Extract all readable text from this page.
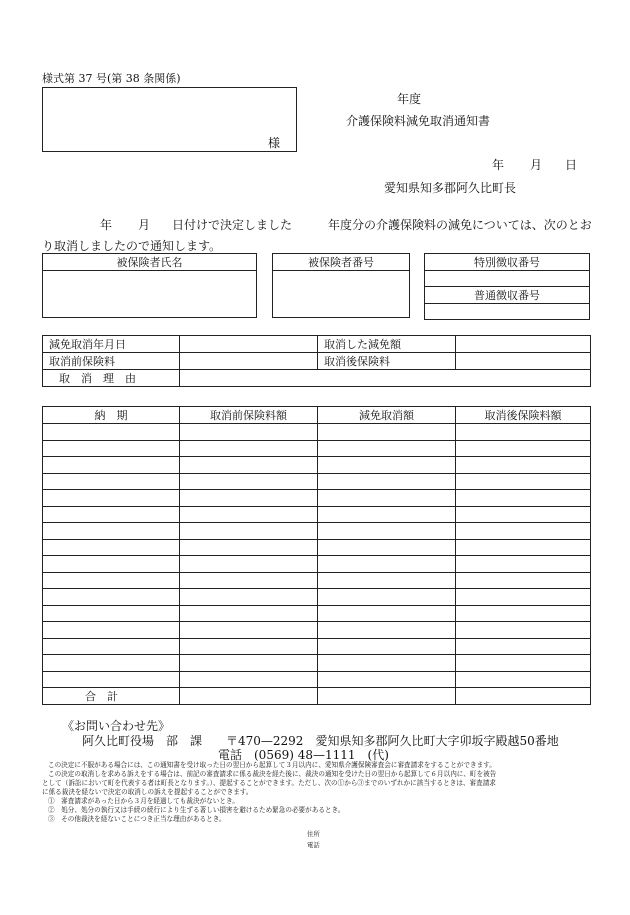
様式第 37 号(第 38 条関係)
様
年度
介護保険料減免取消通知書
年 月 日
愛知県知多郡阿久比町長
年 月 日付けで決定しました　　　年度分の介護保険料の減免については、次のとお
り取消しましたので通知します。
被保険者氏名	被保険者番号	特別徴収番号

普通徴収番号

減免取消年月日		取消した減免額	
取消前保険料		取消後保険料	
取　消　理　由			
納　期	取消前保険料額	減免取消額	取消後保険料額

合　計			
《お問い合わせ先》
阿久比町役場　部　課　　〒470—2292　愛知県知多郡阿久比町大字卯坂字殿越50番地
電話　(0569) 48—1111　(代)
この決定に不服がある場合には、この通知書を受け取った日の翌日から起算して３月以内に、愛知県介護保険審査会に審査請求をすることができます。
この決定の取消しを求める訴えをする場合は、前記の審査請求に係る裁決を経た後に、裁決の通知を受けた日の翌日から起算して６月以内に、町を被告
として（訴訟において町を代表する者は町長となります。）、提起することができます。ただし、次の①から③までのいずれかに該当するときは、審査請求
に係る裁決を経ないで決定の取消しの訴えを提起することができます。
①　審査請求があった日から３月を経過しても裁決がないとき。
②　処分、処分の執行又は手続の続行により生ずる著しい損害を避けるため緊急の必要があるとき。
③　その他裁決を経ないことにつき正当な理由があるとき。
住所
電話
